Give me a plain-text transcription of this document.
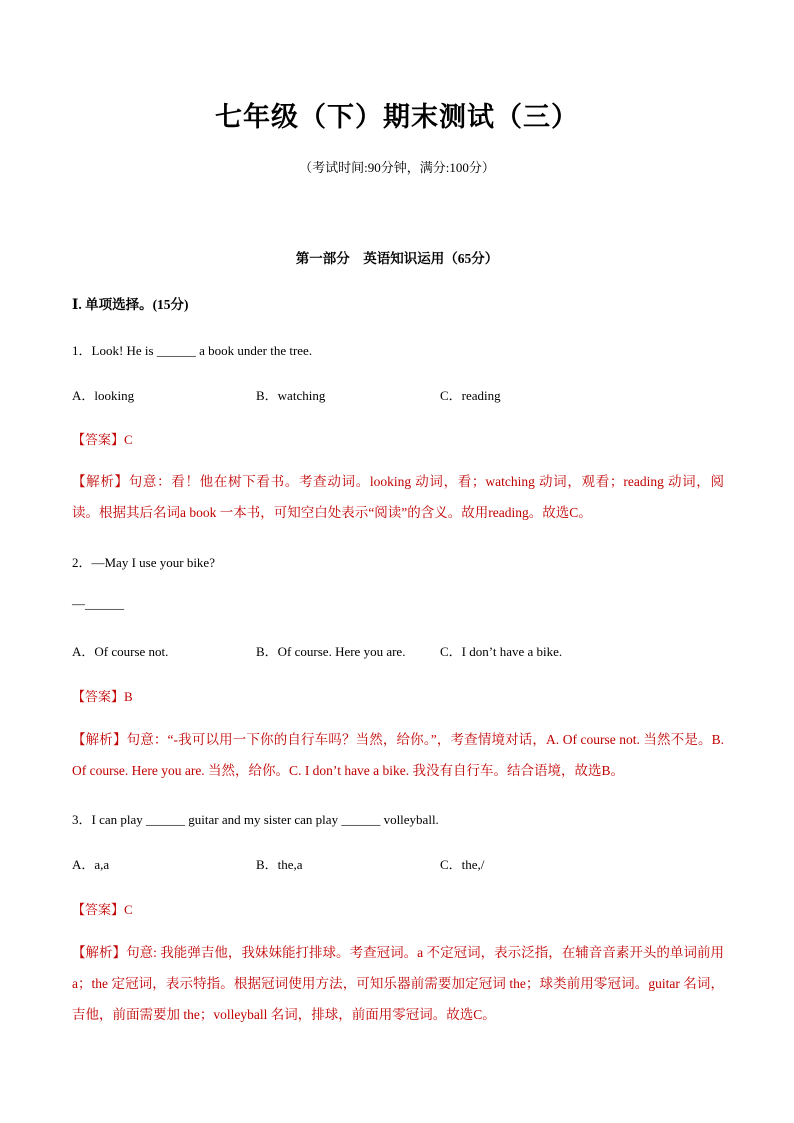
七年级（下）期末测试（三）
（考试时间:90分钟，满分:100分）
第一部分　英语知识运用（65分）
Ⅰ. 单项选择。(15分)
1．Look! He is ______ a book under the tree.
A．looking	B．watching	C．reading
【答案】C
【解析】句意：看！他在树下看书。考查动词。looking 动词，看；watching 动词，观看；reading 动词，阅读。根据其后名词a book 一本书，可知空白处表示“阅读”的含义。故用reading。故选C。
2．—May I use your bike?
—______
A．Of course not.	B．Of course. Here you are.	C．I don’t have a bike.
【答案】B
【解析】句意：“-我可以用一下你的自行车吗？当然，给你。”，考查情境对话，A. Of course not. 当然不是。B. Of course. Here you are. 当然，给你。C. I don’t have a bike. 我没有自行车。结合语境，故选B。
3．I can play ______ guitar and my sister can play ______ volleyball.
A．a,a	B．the,a	C．the,/
【答案】C
【解析】句意: 我能弹吉他，我妹妹能打排球。考查冠词。a 不定冠词，表示泛指，在辅音音素开头的单词前用a；the 定冠词，表示特指。根据冠词使用方法，可知乐器前需要加定冠词 the；球类前用零冠词。guitar 名词，吉他，前面需要加 the；volleyball 名词，排球，前面用零冠词。故选C。
